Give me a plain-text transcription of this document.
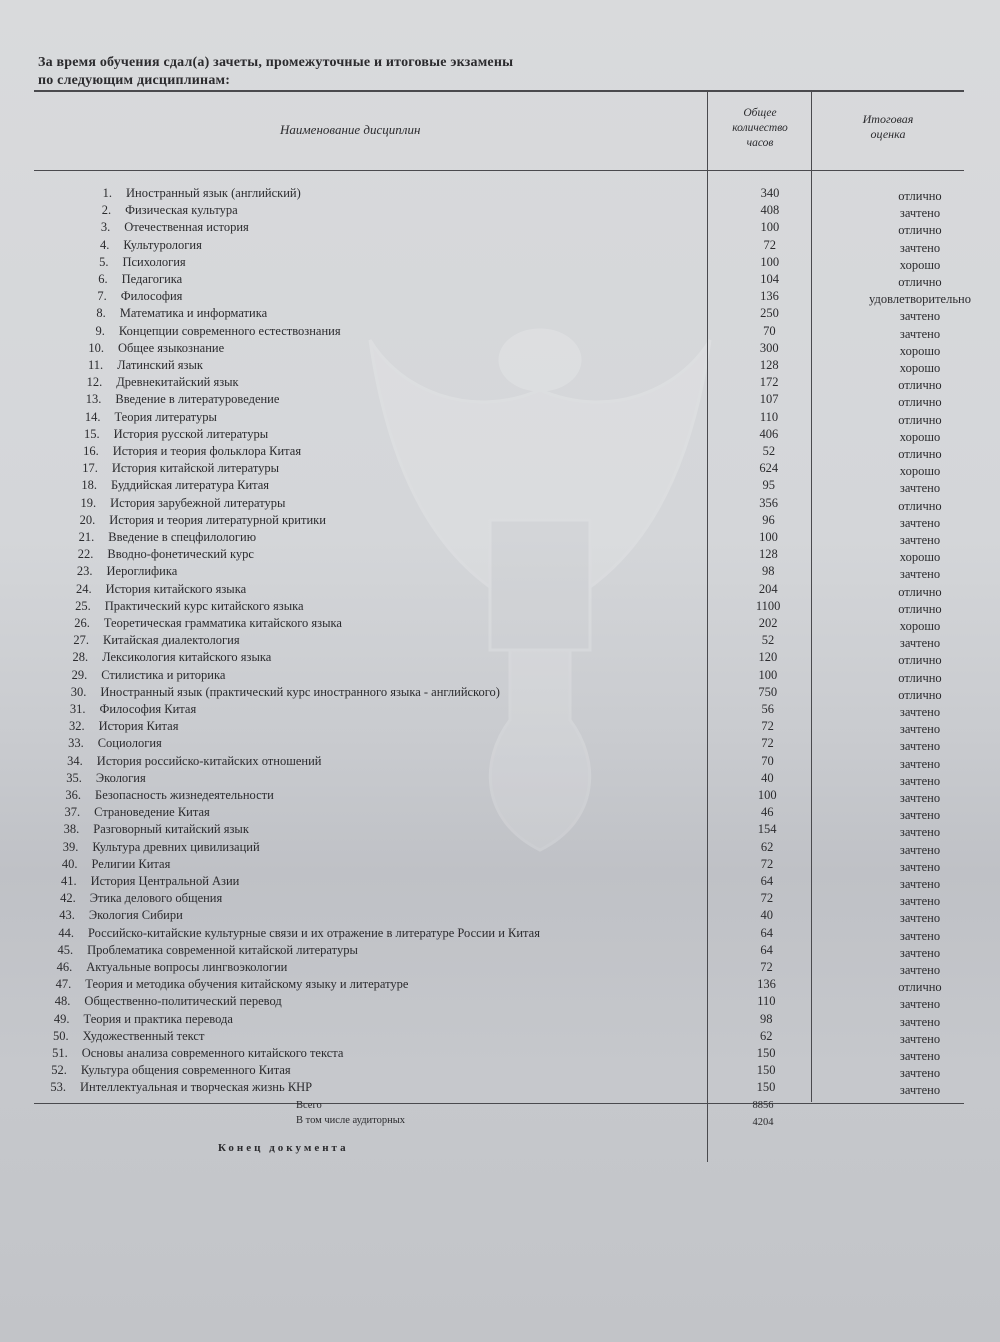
За время обучения сдал(а) зачеты, промежуточные и итоговые экзамены
по следующим дисциплинам:
Наименование дисциплин
Общее
количество
часов
Итоговая
оценка
1. Иностранный язык (английский)	340	отлично
2. Физическая культура	408	зачтено
3. Отечественная история	100	отлично
4. Культурология	72	зачтено
5. Психология	100	хорошо
6. Педагогика	104	отлично
7. Философия	136	удовлетворительно
8. Математика и информатика	250	зачтено
9. Концепции современного естествознания	70	зачтено
10. Общее языкознание	300	хорошо
11. Латинский язык	128	хорошо
12. Древнекитайский язык	172	отлично
13. Введение в литературоведение	107	отлично
14. Теория литературы	110	отлично
15. История русской литературы	406	хорошо
16. История и теория фольклора Китая	52	отлично
17. История китайской литературы	624	хорошо
18. Буддийская литература Китая	95	зачтено
19. История зарубежной литературы	356	отлично
20. История и теория литературной критики	96	зачтено
21. Введение в спецфилологию	100	зачтено
22. Вводно-фонетический курс	128	хорошо
23. Иероглифика	98	зачтено
24. История китайского языка	204	отлично
25. Практический курс китайского языка	1100	отлично
26. Теоретическая грамматика китайского языка	202	хорошо
27. Китайская диалектология	52	зачтено
28. Лексикология китайского языка	120	отлично
29. Стилистика и риторика	100	отлично
30. Иностранный язык (практический курс иностранного языка - английского)	750	отлично
31. Философия Китая	56	зачтено
32. История Китая	72	зачтено
33. Социология	72	зачтено
34. История российско-китайских отношений	70	зачтено
35. Экология	40	зачтено
36. Безопасность жизнедеятельности	100	зачтено
37. Страноведение Китая	46	зачтено
38. Разговорный китайский язык	154	зачтено
39. Культура древних цивилизаций	62	зачтено
40. Религии Китая	72	зачтено
41. История Центральной Азии	64	зачтено
42. Этика делового общения	72	зачтено
43. Экология Сибири	40	зачтено
44. Российско-китайские культурные связи и их отражение в литературе России и Китая	64	зачтено
45. Проблематика современной китайской литературы	64	зачтено
46. Актуальные вопросы лингвоэкологии	72	зачтено
47. Теория и методика обучения китайскому языку и литературе	136	отлично
48. Общественно-политический перевод	110	зачтено
49. Теория и практика перевода	98	зачтено
50. Художественный текст	62	зачтено
51. Основы анализа современного китайского текста	150	зачтено
52. Культура общения современного Китая	150	зачтено
53. Интеллектуальная и творческая жизнь КНР	150	зачтено
Всего	8856
В том числе аудиторных	4204
Конец документа
